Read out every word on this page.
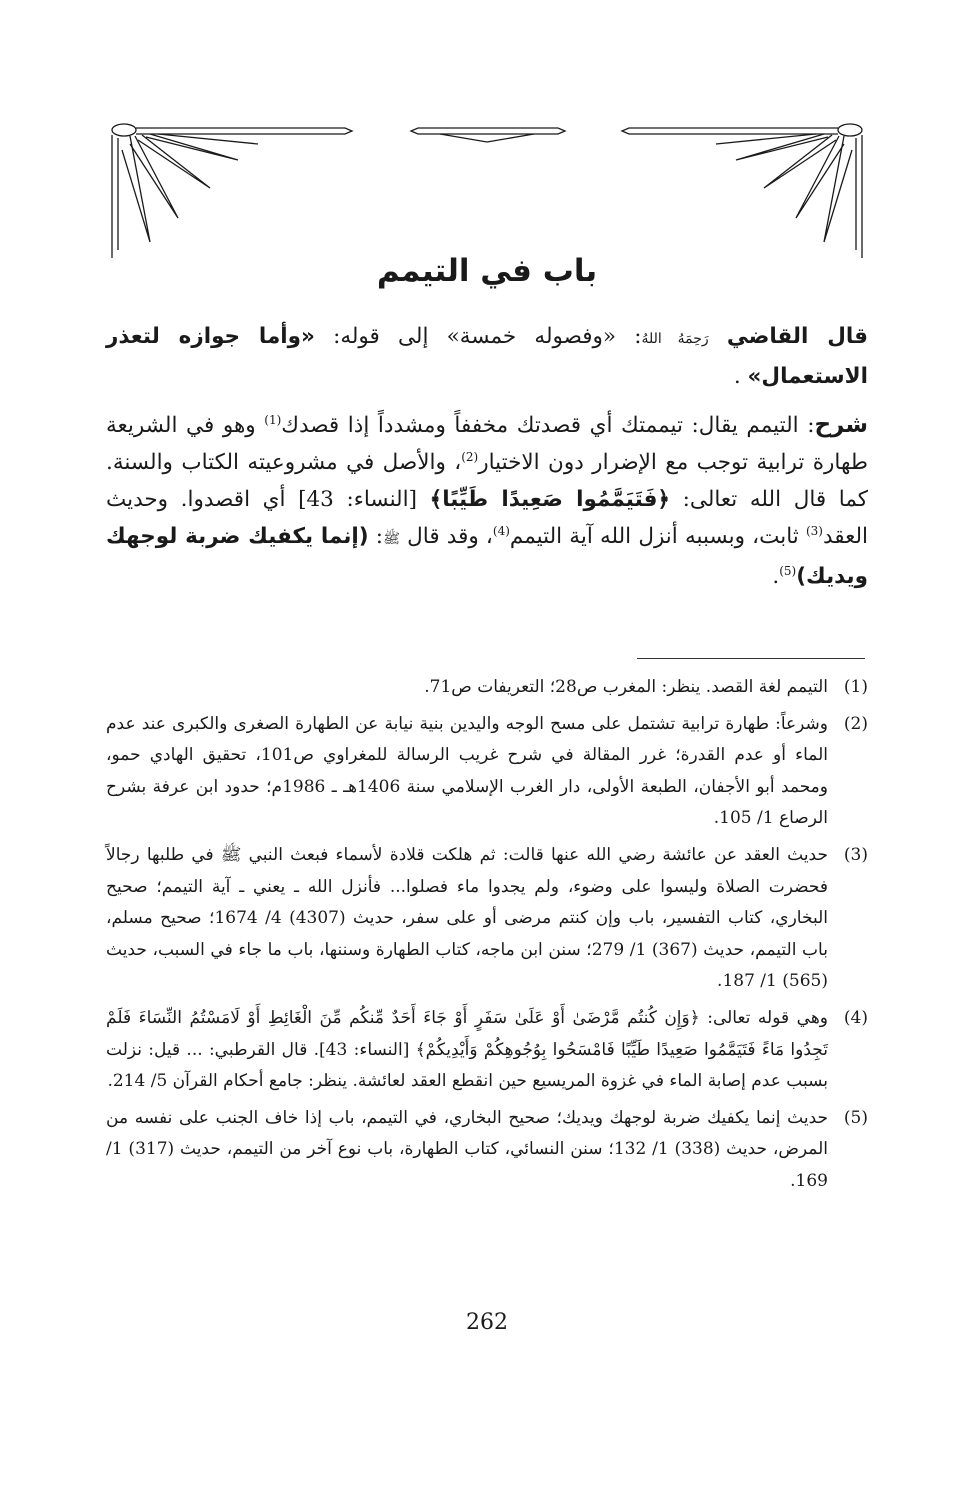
باب في التيمم

قال القاضي رَحِمَهُ اللهُ: «وفصوله خمسة» إلى قوله: «وأما جوازه لتعذر الاستعمال» .

شرح: التيمم يقال: تيممتك أي قصدتك مخففاً ومشدداً إذا قصدك$^{(1)}$ وهو في الشريعة طهارة ترابية توجب مع الإضرار دون الاختيار$^{(2)}$، والأصل في مشروعيته الكتاب والسنة. كما قال الله تعالى: ﴿فَتَيَمَّمُوا صَعِيدًا طَيِّبًا﴾ [النساء: 43] أي اقصدوا. وحديث العقد$^{(3)}$ ثابت، وبسببه أنزل الله آية التيمم$^{(4)}$، وقد قال ﷺ: (إنما يكفيك ضربة لوجهك ويديك)$^{(5)}$.

(1)
التيمم لغة القصد. ينظر: المغرب ص28؛ التعريفات ص71.
(2)
وشرعاً: طهارة ترابية تشتمل على مسح الوجه واليدين بنية نيابة عن الطهارة الصغرى والكبرى عند عدم الماء أو عدم القدرة؛ غرر المقالة في شرح غريب الرسالة للمغراوي ص101، تحقيق الهادي حمو، ومحمد أبو الأجفان، الطبعة الأولى، دار الغرب الإسلامي سنة 1406هـ ـ 1986م؛ حدود ابن عرفة بشرح الرصاع 1/ 105.
(3)
حديث العقد عن عائشة رضي الله عنها قالت: ثم هلكت قلادة لأسماء فبعث النبي ﷺ في طلبها رجالاً فحضرت الصلاة وليسوا على وضوء، ولم يجدوا ماء فصلوا... فأنزل الله ـ يعني ـ آية التيمم؛ صحيح البخاري، كتاب التفسير، باب وإن كنتم مرضى أو على سفر، حديث (4307) 4/ 1674؛ صحيح مسلم، باب التيمم، حديث (367) 1/ 279؛ سنن ابن ماجه، كتاب الطهارة وسننها، باب ما جاء في السبب، حديث (565) 1/ 187.
(4)
وهي قوله تعالى: ﴿وَإِن كُنتُم مَّرْضَىٰ أَوْ عَلَىٰ سَفَرٍ أَوْ جَاءَ أَحَدٌ مِّنكُم مِّنَ الْغَائِطِ أَوْ لَامَسْتُمُ النِّسَاءَ فَلَمْ تَجِدُوا مَاءً فَتَيَمَّمُوا صَعِيدًا طَيِّبًا فَامْسَحُوا بِوُجُوهِكُمْ وَأَيْدِيكُمْ﴾ [النساء: 43]. قال القرطبي: ... قيل: نزلت بسبب عدم إصابة الماء في غزوة المريسيع حين انقطع العقد لعائشة. ينظر: جامع أحكام القرآن 5/ 214.
(5)
حديث إنما يكفيك ضربة لوجهك ويديك؛ صحيح البخاري، في التيمم، باب إذا خاف الجنب على نفسه من المرض، حديث (338) 1/ 132؛ سنن النسائي، كتاب الطهارة، باب نوع آخر من التيمم، حديث (317) 1/ 169.
262
